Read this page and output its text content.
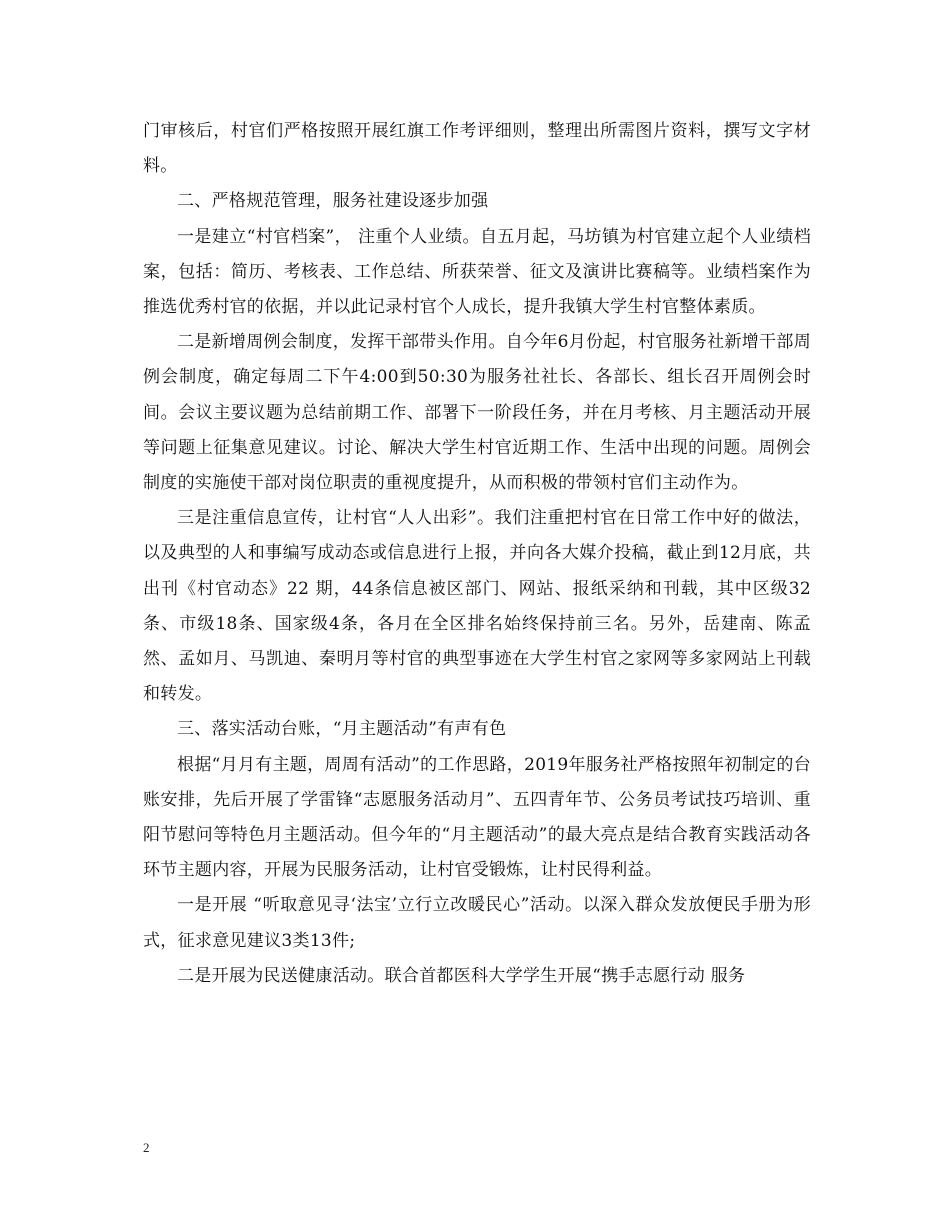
门审核后，村官们严格按照开展红旗工作考评细则，整理出所需图片资料，撰写文字材料。

二、严格规范管理，服务社建设逐步加强

一是建立“村官档案”， 注重个人业绩。自五月起，马坊镇为村官建立起个人业绩档案，包括：简历、考核表、工作总结、所获荣誉、征文及演讲比赛稿等。业绩档案作为推选优秀村官的依据，并以此记录村官个人成长，提升我镇大学生村官整体素质。

二是新增周例会制度，发挥干部带头作用。自今年6月份起，村官服务社新增干部周例会制度，确定每周二下午4:00到50:30为服务社社长、各部长、组长召开周例会时间。会议主要议题为总结前期工作、部署下一阶段任务，并在月考核、月主题活动开展等问题上征集意见建议。讨论、解决大学生村官近期工作、生活中出现的问题。周例会制度的实施使干部对岗位职责的重视度提升，从而积极的带领村官们主动作为。

三是注重信息宣传，让村官“人人出彩”。我们注重把村官在日常工作中好的做法，以及典型的人和事编写成动态或信息进行上报，并向各大媒介投稿，截止到12月底，共出刊《村官动态》22 期，44条信息被区部门、网站、报纸采纳和刊载，其中区级32条、市级18条、国家级4条，各月在全区排名始终保持前三名。另外，岳建南、陈孟然、孟如月、马凯迪、秦明月等村官的典型事迹在大学生村官之家网等多家网站上刊载和转发。

三、落实活动台账，“月主题活动”有声有色

根据“月月有主题，周周有活动”的工作思路，2019年服务社严格按照年初制定的台账安排，先后开展了学雷锋“志愿服务活动月”、五四青年节、公务员考试技巧培训、重阳节慰问等特色月主题活动。但今年的“月主题活动”的最大亮点是结合教育实践活动各环节主题内容，开展为民服务活动，让村官受锻炼，让村民得利益。

一是开展 “听取意见寻‘法宝’立行立改暖民心”活动。以深入群众发放便民手册为形式，征求意见建议3类13件;

二是开展为民送健康活动。联合首都医科大学学生开展“携手志愿行动 服务

2
